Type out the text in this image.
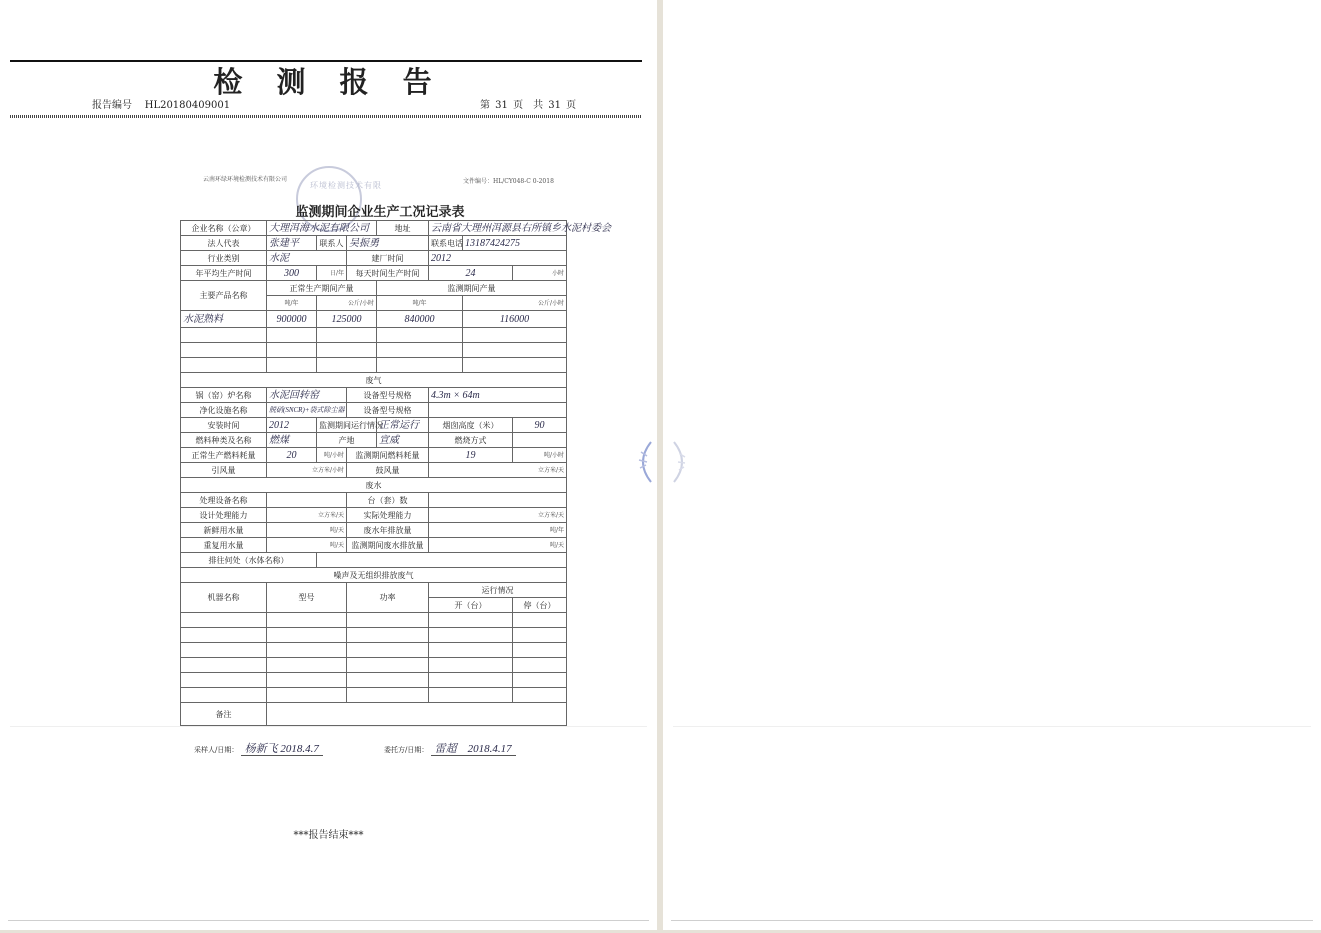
检 测 报 告
报告编号 HL20180409001	第 31 页　共 31 页
云南环绿环境检测技术有限公司	文件编号：HL/CY048-C 0-2018
环境检测技术有限
监测期间企业生产工况记录表
企业名称（公章）	大理洱海水泥有限公司			地址	云南省大理州洱源县右所镇乡水泥村委会		
法人代表	张建平	联系人	吴振勇		联系电话	13187424275	
行业类别	水泥		建厂时间		2012		
年平均生产时间	300	日/年	每天时间生产时间		24		小时
主要产品名称	正常生产期间产量			监测期间产量			
	吨/年	公斤/小时		吨/年		公斤/小时	
水泥熟料	900000	125000		840000		116000	

废气							
锅（窑）炉名称	水泥回转窑		设备型号规格		4.3m × 64m		
净化设施名称	脱硝(SNCR)+袋式除尘器		设备型号规格				
安装时间	2012	监测期间运行情况		正常运行	烟囱高度（米）		90
燃料种类及名称	燃煤	产地		宣威	燃烧方式		
正常生产燃料耗量	20	吨/小时	监测期间燃料耗量		19		吨/小时
引风量	立方米/小时		鼓风量		立方米/天		
废水							
处理设备名称			台（套）数				
设计处理能力	立方米/天		实际处理能力		立方米/天		
新鲜用水量	吨/天		废水年排放量		吨/年		
重复用水量	吨/天		监测期间废水排放量		吨/天		
排往何处（水体名称）							
噪声及无组织排放废气							
机器名称	型号		功率		运行情况		
					开（台）		停（台）

备注							
采样人/日期： 杨新飞 2018.4.7	委托方/日期： 雷超　2018.4.17
***报告结束***
